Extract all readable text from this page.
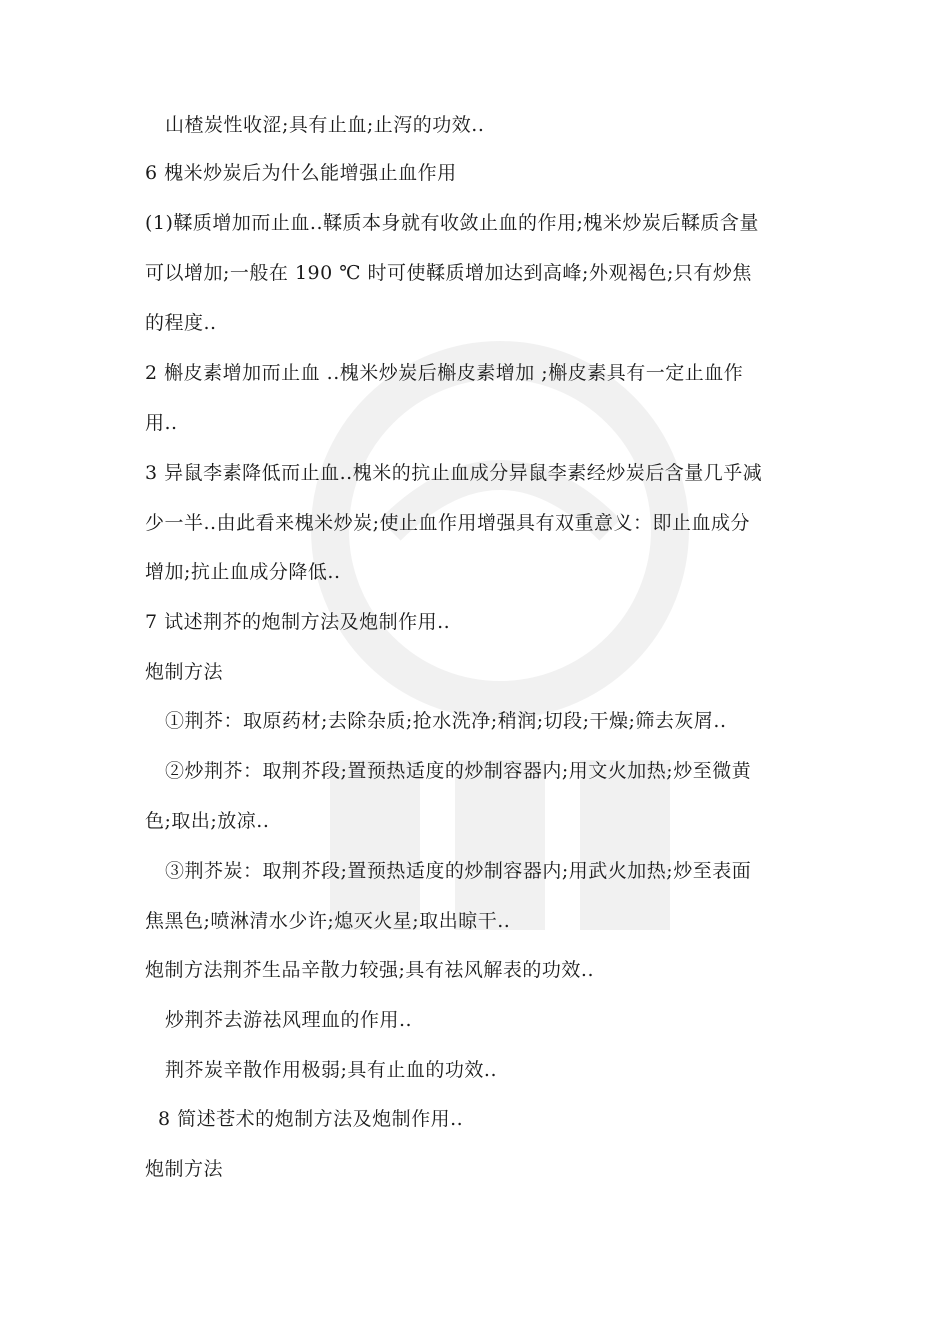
山楂炭性收涩;具有止血;止泻的功效..
6 槐米炒炭后为什么能增强止血作用
(1)鞣质增加而止血..鞣质本身就有收敛止血的作用;槐米炒炭后鞣质含量
可以增加;一般在 190 ℃ 时可使鞣质增加达到高峰;外观褐色;只有炒焦
的程度..
2 槲皮素增加而止血 ..槐米炒炭后槲皮素增加 ;槲皮素具有一定止血作
用..
3 异鼠李素降低而止血..槐米的抗止血成分异鼠李素经炒炭后含量几乎减
少一半..由此看来槐米炒炭;使止血作用增强具有双重意义：即止血成分
增加;抗止血成分降低..
7 试述荆芥的炮制方法及炮制作用..
炮制方法
①荆芥：取原药材;去除杂质;抢水洗净;稍润;切段;干燥;筛去灰屑..
②炒荆芥：取荆芥段;置预热适度的炒制容器内;用文火加热;炒至微黄
色;取出;放凉..
③荆芥炭：取荆芥段;置预热适度的炒制容器内;用武火加热;炒至表面
焦黑色;喷淋清水少许;熄灭火星;取出晾干..
炮制方法荆芥生品辛散力较强;具有祛风解表的功效..
炒荆芥去游祛风理血的作用..
荆芥炭辛散作用极弱;具有止血的功效..
8 简述苍术的炮制方法及炮制作用..
炮制方法
